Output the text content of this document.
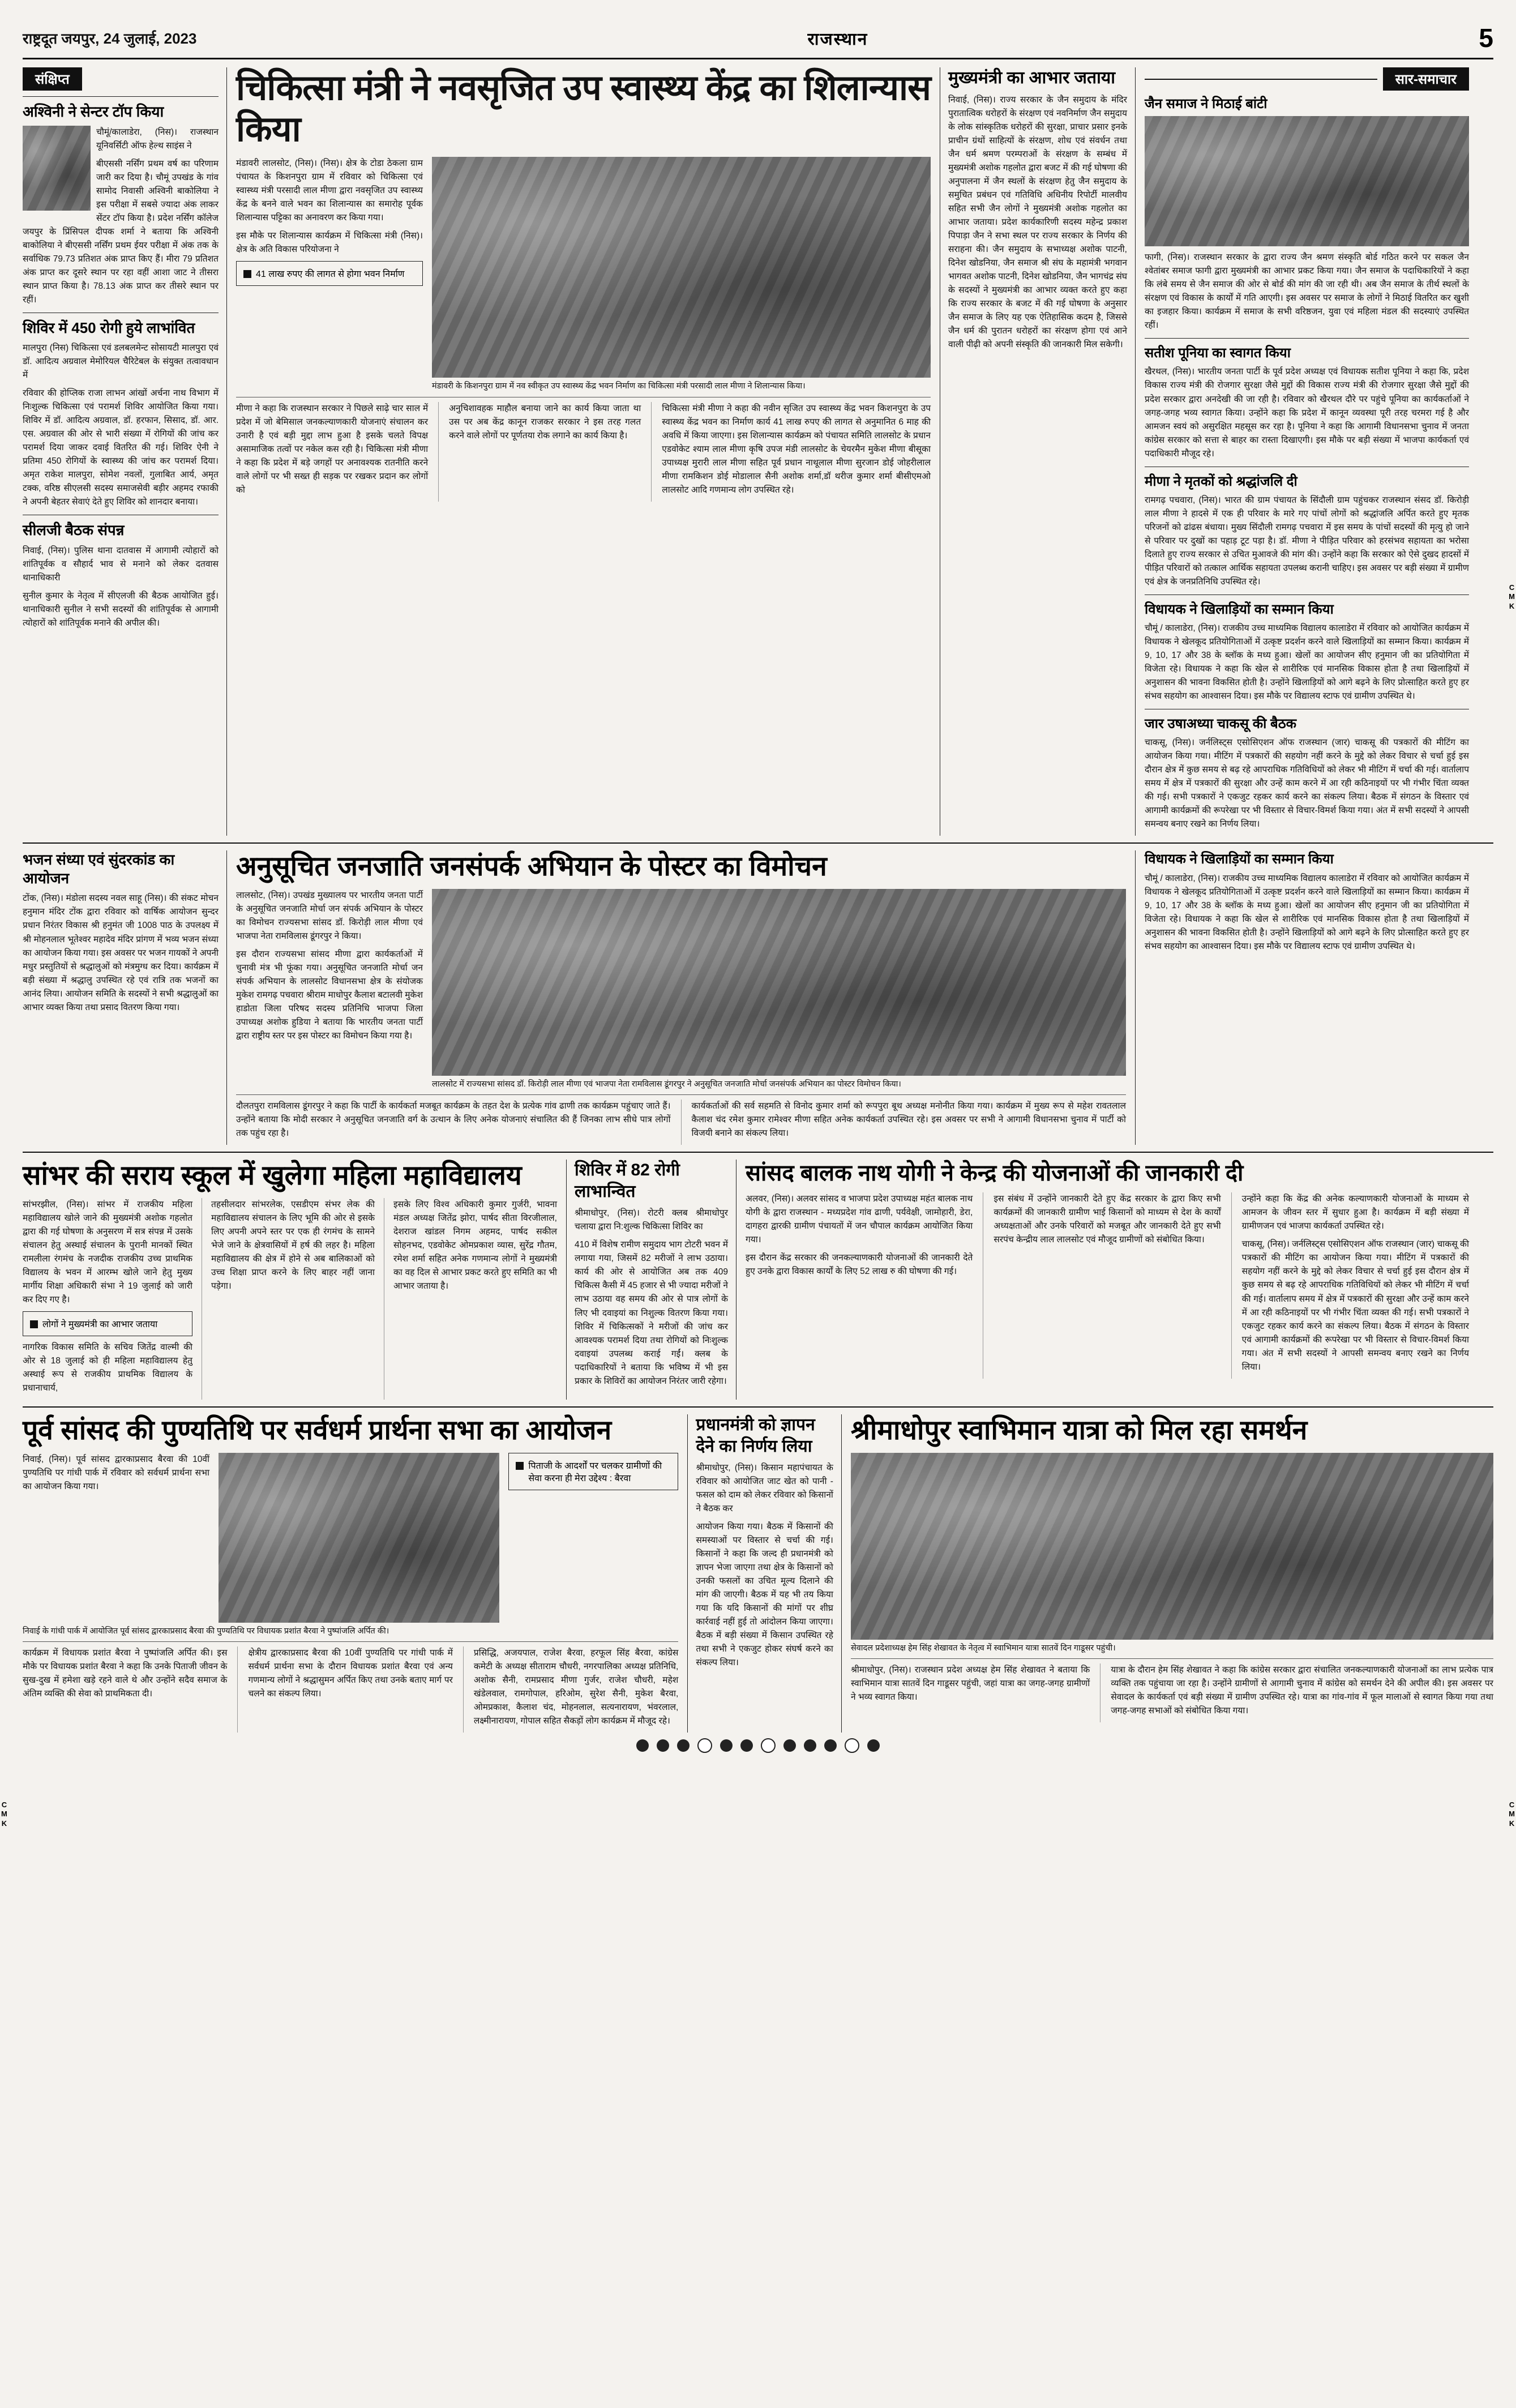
राष्ट्रदूत जयपुर, 24 जुलाई, 2023	राजस्थान	5
संक्षिप्त
अश्विनी ने सेन्टर टॉप किया

चौमूं/कालाडेरा, (निस)। राजस्थान यूनिवर्सिटी ऑफ हेल्थ साइंस ने

बीएससी नर्सिंग प्रथम वर्ष का परिणाम जारी कर दिया है। चौमूं उपखंड के गांव सामोद निवासी अश्विनी बाकोलिया ने इस परीक्षा में सबसे ज्यादा अंक लाकर सेंटर टॉप किया है। प्रदेश नर्सिंग कॉलेज जयपुर के प्रिंसिपल दीपक शर्मा ने बताया कि अश्विनी बाकोलिया ने बीएससी नर्सिंग प्रथम ईयर परीक्षा में अंक तक के सर्वाधिक 79.73 प्रतिशत अंक प्राप्त किए हैं। मीरा 79 प्रतिशत अंक प्राप्त कर दूसरे स्थान पर रहा वहीं आशा जाट ने तीसरा स्थान प्राप्त किया है। 78.13 अंक प्राप्त कर तीसरे स्थान पर रहीं।

शिविर में 450 रोगी हुये लाभांवित

मालपुरा (निस) चिकित्सा एवं डलबलमेन्ट सोसायटी मालपुरा एवं डॉ. आदित्य अग्रवाल मेमोरियल चैरिटेबल के संयुक्त तत्वावधान में

रविवार की होप्लिक राजा लाभन आंखों अर्चना नाथ विभाग में निःशुल्क चिकित्सा एवं परामर्श शिविर आयोजित किया गया। शिविर में डॉ. आदित्य अग्रवाल, डॉ. हरफान, सिसाद, डॉ. आर. एस. अग्रवाल की ओर से भारी संख्या में रोगियों की जांच कर परामर्श दिया जाकर दवाई वितरित की गई। शिविर ऐनी ने प्रतिमा 450 रोगियों के स्वास्थ्य की जांच कर परामर्श दिया। अमृत राकेश मालपुरा, सोमेश नवलों, गुलाबित आर्य, अमृत टक्क, वरिष्ठ सीएलसी सदस्य समाजसेवी बड़ीर अहमद रफाकी ने अपनी बेहतर सेवाएं देते हुए शिविर को शानदार बनाया।

सीलजी बैठक संपन्न

निवाई, (निस)। पुलिस थाना दातवास में आगामी त्योहारों को शांतिपूर्वक व सौहार्द भाव से मनाने को लेकर दतवास थानाधिकारी

सुनील कुमार के नेतृत्व में सीएलजी की बैठक आयोजित हुई। थानाधिकारी सुनील ने सभी सदस्यों की शांतिपूर्वक से आगामी त्योहारों को शांतिपूर्वक मनाने की अपील की।

चिकित्सा मंत्री ने नवसृजित उप स्वास्थ्य केंद्र का शिलान्यास किया

मंडावरी लालसोट, (निस)। (निस)। क्षेत्र के टोडा ठेकला ग्राम पंचायत के किशनपुरा ग्राम में रविवार को चिकित्सा एवं स्वास्थ्य मंत्री परसादी लाल मीणा द्वारा नवसृजित उप स्वास्थ्य केंद्र के बनने वाले भवन का शिलान्यास का समारोह पूर्वक शिलान्यास पट्टिका का अनावरण कर किया गया।

इस मौके पर शिलान्यास कार्यक्रम में चिकित्सा मंत्री (निस)। क्षेत्र के अति विकास परियोजना ने

41 लाख रुपए की लागत से होगा भवन निर्माण
मंडावरी के किशनपुरा ग्राम में नव स्वीकृत उप स्वास्थ्य केंद्र भवन निर्माण का चिकित्सा मंत्री परसादी लाल मीणा ने शिलान्यास किया।

मीणा ने कहा कि राजस्थान सरकार ने पिछले साढ़े चार साल में प्रदेश में जो बेमिसाल जनकल्याणकारी योजनाएं संचालन कर उनारी है एवं बड़ी मुद्दा लाभ हुआ है इसके चलते विपक्ष असामाजिक तत्वों पर नकेल कस रही है। चिकित्सा मंत्री मीणा ने कहा कि प्रदेश में बड़े जगहों पर अनावश्यक रातनीति करने वाले लोगों पर भी सख्त ही सड़क पर रखकर प्रदान कर लोगों को

अनुचिशावहक माहौल बनाया जाने का कार्य किया जाता था उस पर अब केंद्र कानून राजकर सरकार ने इस तरह गलत करने वाले लोगों पर पूर्णतया रोक लगाने का कार्य किया है।

चिकित्सा मंत्री मीणा ने कहा की नवीन सृजित उप स्वास्थ्य केंद्र भवन किशनपुरा के उप स्वास्थ्य केंद्र भवन का निर्माण कार्य 41 लाख रुपए की लागत से अनुमानित 6 माह की अवधि में किया जाएगा। इस शिलान्यास कार्यक्रम को पंचायत समिति लालसोट के प्रधान एडवोकेट श्याम लाल मीणा कृषि उपज मंडी लालसोट के चेयरमैन मुकेश मीणा बीसूका उपाध्यक्ष मुरारी लाल मीणा सहित पूर्व प्रधान नाथूलाल मीणा सुरजान डोई जोहरीलाल मीणा रामकिशन डोई मोडालाल सैनी अशोक शर्मा,डॉ थरीज कुमार शर्मा बीसीएमओ लालसोट आदि गणमान्य लोग उपस्थित रहे।

मुख्यमंत्री का आभार जताया

निवाई, (निस)। राज्य सरकार के जैन समुदाय के मंदिर पुरातात्विक धरोहरों के संरक्षण एवं नवनिर्माण जैन समुदाय के लोक सांस्कृतिक धरोहरों की सुरक्षा, प्राचार प्रसार इनके प्राचीन ग्रंथों साहित्यों के संरक्षण, शोध एवं संवर्धन तथा जैन धर्म श्रमण परम्पराओं के संरक्षण के सम्बंध में मुख्यमंत्री अशोक गहलोत द्वारा बजट में की गई घोषणा की अनुपालना में जैन स्थलों के संरक्षण हेतु जैन समुदाय के समुचित प्रबंधन एवं गतिविधि अधिनीय रिपोर्टी मालवीय सहित सभी जैन लोगों ने मुख्यमंत्री अशोक गहलोत का आभार जताया। प्रदेश कार्यकारिणी सदस्य महेन्द्र प्रकाश पिपाड़ा जैन ने सभा स्थल पर राज्य सरकार के निर्णय की सराहना की। जैन समुदाय के सभाध्यक्ष अशोक पाटनी, दिनेश खोडनिया, जैन समाज श्री संघ के महामंत्री भगवान भागवत अशोक पाटनी, दिनेश खोडनिया, जैन भागचंद्र संघ के सदस्यों ने मुख्यमंत्री का आभार व्यक्त करते हुए कहा कि राज्य सरकार के बजट में की गई घोषणा के अनुसार जैन समाज के लिए यह एक ऐतिहासिक कदम है, जिससे जैन धर्म की पुरातन धरोहरों का संरक्षण होगा एवं आने वाली पीढ़ी को अपनी संस्कृति की जानकारी मिल सकेगी।

सार-समाचार
जैन समाज ने मिठाई बांटी

फागी, (निस)। राजस्थान सरकार के द्वारा राज्य जैन श्रमण संस्कृति बोर्ड गठित करने पर सकल जैन श्वेतांबर समाज फागी द्वारा मुख्यमंत्री का आभार प्रकट किया गया। जैन समाज के पदाधिकारियों ने कहा कि लंबे समय से जैन समाज की ओर से बोर्ड की मांग की जा रही थी। अब जैन समाज के तीर्थ स्थलों के संरक्षण एवं विकास के कार्यों में गति आएगी। इस अवसर पर समाज के लोगों ने मिठाई वितरित कर खुशी का इजहार किया। कार्यक्रम में समाज के सभी वरिष्ठजन, युवा एवं महिला मंडल की सदस्याएं उपस्थित रहीं।

सतीश पूनिया का स्वागत किया

खैरथल, (निस)। भारतीय जनता पार्टी के पूर्व प्रदेश अध्यक्ष एवं विधायक सतीश पूनिया ने कहा कि, प्रदेश विकास राज्य मंत्री की रोजगार सुरक्षा जैसे मुद्दों की विकास राज्य मंत्री की रोजगार सुरक्षा जैसे मुद्दों की प्रदेश सरकार द्वारा अनदेखी की जा रही है। रविवार को खैरथल दौरे पर पहुंचे पूनिया का कार्यकर्ताओं ने जगह-जगह भव्य स्वागत किया। उन्होंने कहा कि प्रदेश में कानून व्यवस्था पूरी तरह चरमरा गई है और आमजन स्वयं को असुरक्षित महसूस कर रहा है। पूनिया ने कहा कि आगामी विधानसभा चुनाव में जनता कांग्रेस सरकार को सत्ता से बाहर का रास्ता दिखाएगी। इस मौके पर बड़ी संख्या में भाजपा कार्यकर्ता एवं पदाधिकारी मौजूद रहे।

मीणा ने मृतकों को श्रद्धांजलि दी

रामगढ़ पचवारा, (निस)। भारत की ग्राम पंचायत के सिंदौली ग्राम पहुंचकर राजस्थान संसद डॉ. किरोड़ी लाल मीणा ने हादसे में एक ही परिवार के मारे गए पांचों लोगों को श्रद्धांजलि अर्पित करते हुए मृतक परिजनों को ढांढस बंधाया। मुख्य सिंदौली रामगढ़ पचवारा में इस समय के पांचों सदस्यों की मृत्यु हो जाने से परिवार पर दुखों का पहाड़ टूट पड़ा है। डॉ. मीणा ने पीड़ित परिवार को हरसंभव सहायता का भरोसा दिलाते हुए राज्य सरकार से उचित मुआवजे की मांग की। उन्होंने कहा कि सरकार को ऐसे दुखद हादसों में पीड़ित परिवारों को तत्काल आर्थिक सहायता उपलब्ध करानी चाहिए। इस अवसर पर बड़ी संख्या में ग्रामीण एवं क्षेत्र के जनप्रतिनिधि उपस्थित रहे।

विधायक ने खिलाड़ियों का सम्मान किया

चौमूं / कालाडेरा, (निस)। राजकीय उच्च माध्यमिक विद्यालय कालाडेरा में रविवार को आयोजित कार्यक्रम में विधायक ने खेलकूद प्रतियोगिताओं में उत्कृष्ट प्रदर्शन करने वाले खिलाड़ियों का सम्मान किया। कार्यक्रम में 9, 10, 17 और 38 के ब्लॉक के मध्य हुआ। खेलों का आयोजन सीए हनुमान जी का प्रतियोगिता में विजेता रहे। विधायक ने कहा कि खेल से शारीरिक एवं मानसिक विकास होता है तथा खिलाड़ियों में अनुशासन की भावना विकसित होती है। उन्होंने खिलाड़ियों को आगे बढ़ने के लिए प्रोत्साहित करते हुए हर संभव सहयोग का आश्वासन दिया। इस मौके पर विद्यालय स्टाफ एवं ग्रामीण उपस्थित थे।

जार उषाअध्या चाकसू की बैठक

चाकसू, (निस)। जर्नलिस्ट्स एसोसिएशन ऑफ राजस्थान (जार) चाकसू की पत्रकारों की मीटिंग का आयोजन किया गया। मीटिंग में पत्रकारों की सहयोग नहीं करने के मुद्दे को लेकर विचार से चर्चा हुई इस दौरान क्षेत्र में कुछ समय से बढ़ रहे आपराधिक गतिविधियों को लेकर भी मीटिंग में चर्चा की गई। वार्तालाप समय में क्षेत्र में पत्रकारों की सुरक्षा और उन्हें काम करने में आ रही कठिनाइयों पर भी गंभीर चिंता व्यक्त की गई। सभी पत्रकारों ने एकजुट रहकर कार्य करने का संकल्प लिया। बैठक में संगठन के विस्तार एवं आगामी कार्यक्रमों की रूपरेखा पर भी विस्तार से विचार-विमर्श किया गया। अंत में सभी सदस्यों ने आपसी समन्वय बनाए रखने का निर्णय लिया।

भजन संध्या एवं सुंदरकांड का आयोजन

टोंक, (निस)। मंडोला सदस्य नवल साहू (निस)। की संकट मोचन हनुमान मंदिर टोंक द्वारा रविवार को वार्षिक आयोजन सुन्दर प्रधान निरंतर विकास श्री हनुमंत जी 1008 पाठ के उपलक्ष्य में श्री मोहनलाल भूतेश्वर महादेव मंदिर प्रांगण में भव्य भजन संध्या का आयोजन किया गया। इस अवसर पर भजन गायकों ने अपनी मधुर प्रस्तुतियों से श्रद्धालुओं को मंत्रमुग्ध कर दिया। कार्यक्रम में बड़ी संख्या में श्रद्धालु उपस्थित रहे एवं रात्रि तक भजनों का आनंद लिया। आयोजन समिति के सदस्यों ने सभी श्रद्धालुओं का आभार व्यक्त किया तथा प्रसाद वितरण किया गया।

अनुसूचित जनजाति जनसंपर्क अभियान के पोस्टर का विमोचन

लालसोट, (निस)। उपखंड मुख्यालय पर भारतीय जनता पार्टी के अनुसूचित जनजाति मोर्चा जन संपर्क अभियान के पोस्टर का विमोचन राज्यसभा सांसद डॉ. किरोड़ी लाल मीणा एवं भाजपा नेता रामविलास डूंगरपुर ने किया।

इस दौरान राज्यसभा सांसद मीणा द्वारा कार्यकर्ताओं में चुनावी मंत्र भी फूंका गया। अनुसूचित जनजाति मोर्चा जन संपर्क अभियान के लालसोट विधानसभा क्षेत्र के संयोजक मुकेश रामगढ़ पचवारा श्रीराम माधोपुर कैलाश बटालवी मुकेश हाडोता जिला परिषद सदस्य प्रतिनिधि भाजपा जिला उपाध्यक्ष अशोक हुडिया ने बताया कि भारतीय जनता पार्टी द्वारा राष्ट्रीय स्तर पर इस पोस्टर का विमोचन किया गया है।

लालसोट में राज्यसभा सांसद डॉ. किरोड़ी लाल मीणा एवं भाजपा नेता रामविलास डूंगरपुर ने अनुसूचित जनजाति मोर्चा जनसंपर्क अभियान का पोस्टर विमोचन किया।

दौलतपुरा रामविलास डूंगरपुर ने कहा कि पार्टी के कार्यकर्ता मजबूत कार्यक्रम के तहत देश के प्रत्येक गांव ढाणी तक कार्यक्रम पहुंचाए जाते हैं। उन्होंने बताया कि मोदी सरकार ने अनुसूचित जनजाति वर्ग के उत्थान के लिए अनेक योजनाएं संचालित की हैं जिनका लाभ सीधे पात्र लोगों तक पहुंच रहा है।

कार्यकर्ताओं की सर्व सहमति से विनोद कुमार शर्मा को रूपपुरा बूथ अध्यक्ष मनोनीत किया गया। कार्यक्रम में मुख्य रूप से महेश रावतलाल कैलाश चंद रमेश कुमार रामेश्वर मीणा सहित अनेक कार्यकर्ता उपस्थित रहे। इस अवसर पर सभी ने आगामी विधानसभा चुनाव में पार्टी को विजयी बनाने का संकल्प लिया।

विधायक ने खिलाड़ियों का सम्मान किया

चौमूं / कालाडेरा, (निस)। राजकीय उच्च माध्यमिक विद्यालय कालाडेरा में रविवार को आयोजित कार्यक्रम में विधायक ने खेलकूद प्रतियोगिताओं में उत्कृष्ट प्रदर्शन करने वाले खिलाड़ियों का सम्मान किया। कार्यक्रम में 9, 10, 17 और 38 के ब्लॉक के मध्य हुआ। खेलों का आयोजन सीए हनुमान जी का प्रतियोगिता में विजेता रहे। विधायक ने कहा कि खेल से शारीरिक एवं मानसिक विकास होता है तथा खिलाड़ियों में अनुशासन की भावना विकसित होती है। उन्होंने खिलाड़ियों को आगे बढ़ने के लिए प्रोत्साहित करते हुए हर संभव सहयोग का आश्वासन दिया। इस मौके पर विद्यालय स्टाफ एवं ग्रामीण उपस्थित थे।

सांभर की सराय स्कूल में खुलेगा महिला महाविद्यालय

सांभरझील, (निस)। सांभर में राजकीय महिला महाविद्यालय खोले जाने की मुख्यमंत्री अशोक गहलोत द्वारा की गई घोषणा के अनुसरण में सत्र संपन्न में उसके संचालन हेतु अस्थाई संचालन के पुरानी मानकों स्थित रामलीला रंगमंच के नजदीक राजकीय उच्च प्राथमिक विद्यालय के भवन में आरम्भ खोले जाने हेतु मुख्य मार्गीय शिक्षा अधिकारी संभा ने 19 जुलाई को जारी कर दिए गए है।

लोगों ने मुख्यमंत्री का आभार जताया

नागरिक विकास समिति के सचिव जितेंद्र वाल्मी की ओर से 18 जुलाई को ही महिला महाविद्यालय हेतु अस्थाई रूप से राजकीय प्राथमिक विद्यालय के प्रधानाचार्य,

तहसीलदार सांभरलेक, एसडीएम संभर लेक की महाविद्यालय संचालन के लिए भूमि की ओर से इसके लिए अपनी अपने स्तर पर एक ही रंगमंच के सामने भेजे जाने के क्षेत्रवासियों में हर्ष की लहर है। महिला महाविद्यालय की क्षेत्र में होने से अब बालिकाओं को उच्च शिक्षा प्राप्त करने के लिए बाहर नहीं जाना पड़ेगा।

इसके लिए विश्व अधिकारी कुमार गुर्जरी, भावना मंडल अध्यक्ष जितेंद्र झोरा, पार्षद सीता विरजीलाल, देशराज खांडल निगम अहमद, पार्षद सकील सोहनभद, एडवोकेट ओमप्रकाश व्यास, सुरेंद्र गौतम, रमेश शर्मा सहित अनेक गणमान्य लोगों ने मुख्यमंत्री का वह दिल से आभार प्रकट करते हुए समिति का भी आभार जताया है।

शिविर में 82 रोगी लाभान्वित

श्रीमाधोपुर, (निस)। रोटरी क्लब श्रीमाधोपुर चलाया द्वारा नि:शुल्क चिकित्सा शिविर का

410 में विशेष रामीण समुदाय भाग टोटरी भवन में लगाया गया, जिसमें 82 मरीजों ने लाभ उठाया। कार्य की ओर से आयोजित अब तक 409 चिकित्स कैसी में 45 हजार से भी ज्यादा मरीजों ने लाभ उठाया वह समय की ओर से पात्र लोगों के लिए भी दवाइयां का निशुल्क वितरण किया गया। शिविर में चिकित्सकों ने मरीजों की जांच कर आवश्यक परामर्श दिया तथा रोगियों को निःशुल्क दवाइयां उपलब्ध कराई गईं। क्लब के पदाधिकारियों ने बताया कि भविष्य में भी इस प्रकार के शिविरों का आयोजन निरंतर जारी रहेगा।

सांसद बालक नाथ योगी ने केन्द्र की योजनाओं की जानकारी दी

अलवर, (निस)। अलवर सांसद व भाजपा प्रदेश उपाध्यक्ष महंत बालक नाथ योगी के द्वारा राजस्थान - मध्यप्रदेश गांव ढाणी, पर्यवेक्षी, जामोहारी, डेरा, दागहरा द्वारकी ग्रामीण पंचायतों में जन चौपाल कार्यक्रम आयोजित किया गया।

इस दौरान केंद्र सरकार की जनकल्याणकारी योजनाओं की जानकारी देते हुए उनके द्वारा विकास कार्यों के लिए 52 लाख रु की घोषणा की गई।

इस संबंध में उन्होंने जानकारी देते हुए केंद्र सरकार के द्वारा किए सभी कार्यक्रमों की जानकारी ग्रामीण भाई किसानों को माध्यम से देश के कार्यों अध्यक्षताओं और उनके परिवारों को मजबूत और जानकारी देते हुए सभी सरपंच केन्द्रीय लाल लालसोट एवं मौजूद ग्रामीणों को संबोधित किया।

उन्होंने कहा कि केंद्र की अनेक कल्याणकारी योजनाओं के माध्यम से आमजन के जीवन स्तर में सुधार हुआ है। कार्यक्रम में बड़ी संख्या में ग्रामीणजन एवं भाजपा कार्यकर्ता उपस्थित रहे।

चाकसू, (निस)। जर्नलिस्ट्स एसोसिएशन ऑफ राजस्थान (जार) चाकसू की पत्रकारों की मीटिंग का आयोजन किया गया। मीटिंग में पत्रकारों की सहयोग नहीं करने के मुद्दे को लेकर विचार से चर्चा हुई इस दौरान क्षेत्र में कुछ समय से बढ़ रहे आपराधिक गतिविधियों को लेकर भी मीटिंग में चर्चा की गई। वार्तालाप समय में क्षेत्र में पत्रकारों की सुरक्षा और उन्हें काम करने में आ रही कठिनाइयों पर भी गंभीर चिंता व्यक्त की गई। सभी पत्रकारों ने एकजुट रहकर कार्य करने का संकल्प लिया। बैठक में संगठन के विस्तार एवं आगामी कार्यक्रमों की रूपरेखा पर भी विस्तार से विचार-विमर्श किया गया। अंत में सभी सदस्यों ने आपसी समन्वय बनाए रखने का निर्णय लिया।

पूर्व सांसद की पुण्यतिथि पर सर्वधर्म प्रार्थना सभा का आयोजन

निवाई, (निस)। पूर्व सांसद द्वारकाप्रसाद बैरवा की 10वीं पुण्यतिथि पर गांधी पार्क में रविवार को सर्वधर्म प्रार्थना सभा का आयोजन किया गया।

पिताजी के आदर्शों पर चलकर ग्रामीणों की सेवा करना ही मेरा उद्देश्य : बैरवा
निवाई के गांधी पार्क में आयोजित पूर्व सांसद द्वारकाप्रसाद बैरवा की पुण्यतिथि पर विधायक प्रशांत बैरवा ने पुष्पांजलि अर्पित की।

कार्यक्रम में विधायक प्रशांत बैरवा ने पुष्पांजलि अर्पित की। इस मौके पर विधायक प्रशांत बैरवा ने कहा कि उनके पिताजी जीवन के सुख-दुख में हमेशा खड़े रहने वाले थे और उन्होंने सदैव समाज के अंतिम व्यक्ति की सेवा को प्राथमिकता दी।

क्षेत्रीय द्वारकाप्रसाद बैरवा की 10वीं पुण्यतिथि पर गांधी पार्क में सर्वधर्म प्रार्थना सभा के दौरान विधायक प्रशांत बैरवा एवं अन्य गणमान्य लोगों ने श्रद्धासुमन अर्पित किए तथा उनके बताए मार्ग पर चलने का संकल्प लिया।

प्रसिद्धि, अजयपाल, राजेश बैरवा, हरफूल सिंह बैरवा, कांग्रेस कमेटी के अध्यक्ष सीताराम चौधरी, नगरपालिका अध्यक्ष प्रतिनिधि, अशोक सैनी, रामप्रसाद मीणा गुर्जर, राजेश चौधरी, महेश खंडेलवाल, रामगोपाल, हरिओम, सुरेश सैनी, मुकेश बैरवा, ओमप्रकाश, कैलाश चंद, मोहनलाल, सत्यनारायण, भंवरलाल, लक्ष्मीनारायण, गोपाल सहित सैकड़ों लोग कार्यक्रम में मौजूद रहे।

प्रधानमंत्री को ज्ञापन देने का निर्णय लिया

श्रीमाधोपुर, (निस)। किसान महापंचायत के रविवार को आयोजित जाट खेत को पानी - फसल को दाम को लेकर रविवार को किसानों ने बैठक कर

आयोजन किया गया। बैठक में किसानों की समस्याओं पर विस्तार से चर्चा की गई। किसानों ने कहा कि जल्द ही प्रधानमंत्री को ज्ञापन भेजा जाएगा तथा क्षेत्र के किसानों को उनकी फसलों का उचित मूल्य दिलाने की मांग की जाएगी। बैठक में यह भी तय किया गया कि यदि किसानों की मांगों पर शीघ्र कार्रवाई नहीं हुई तो आंदोलन किया जाएगा। बैठक में बड़ी संख्या में किसान उपस्थित रहे तथा सभी ने एकजुट होकर संघर्ष करने का संकल्प लिया।

श्रीमाधोपुर स्वाभिमान यात्रा को मिल रहा समर्थन
सेवादल प्रदेशाध्यक्ष हेम सिंह शेखावत के नेतृत्व में स्वाभिमान यात्रा सातवें दिन गाडूसर पहुंची।

श्रीमाधोपुर, (निस)। राजस्थान प्रदेश अध्यक्ष हेम सिंह शेखावत ने बताया कि स्वाभिमान यात्रा सातवें दिन गाडूसर पहुंची, जहां यात्रा का जगह-जगह ग्रामीणों ने भव्य स्वागत किया।

यात्रा के दौरान हेम सिंह शेखावत ने कहा कि कांग्रेस सरकार द्वारा संचालित जनकल्याणकारी योजनाओं का लाभ प्रत्येक पात्र व्यक्ति तक पहुंचाया जा रहा है। उन्होंने ग्रामीणों से आगामी चुनाव में कांग्रेस को समर्थन देने की अपील की। इस अवसर पर सेवादल के कार्यकर्ता एवं बड़ी संख्या में ग्रामीण उपस्थित रहे। यात्रा का गांव-गांव में फूल मालाओं से स्वागत किया गया तथा जगह-जगह सभाओं को संबोधित किया गया।

C
M
K
C
M
K
C
M
K
